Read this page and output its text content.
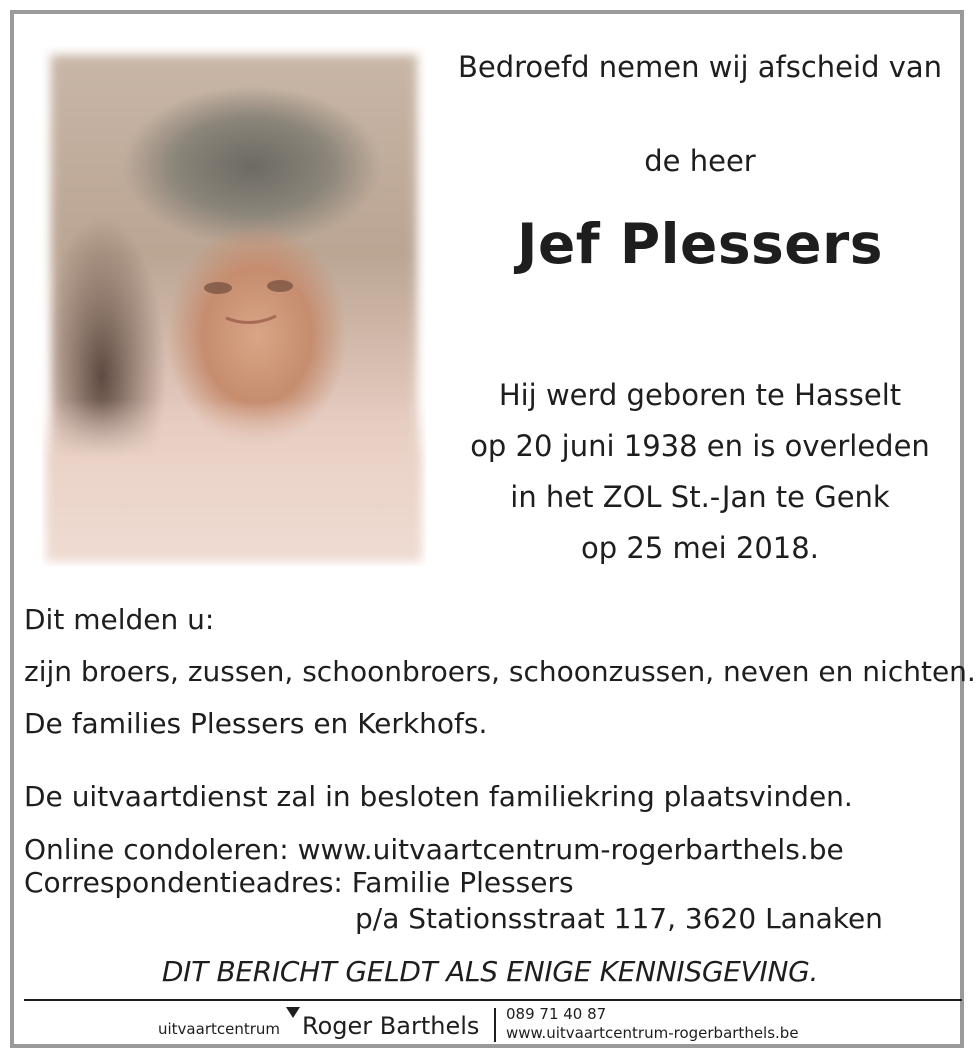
Bedroefd nemen wij afscheid van

de heer

Jef Plessers

Hij werd geboren te Hasselt

op 20 juni 1938 en is overleden

in het ZOL St.-Jan te Genk

op 25 mei 2018.

Dit melden u:

zijn broers, zussen, schoonbroers, schoonzussen, neven en nichten.

De families Plessers en Kerkhofs.

De uitvaartdienst zal in besloten familiekring plaatsvinden.

Online condoleren: www.uitvaartcentrum-rogerbarthels.be

Correspondentieadres: Familie Plessers

p/a Stationsstraat 117, 3620 Lanaken

DIT BERICHT GELDT ALS ENIGE KENNISGEVING.

uitvaartcentrum Roger Barthels 089 71 40 87
www.uitvaartcentrum-rogerbarthels.be
